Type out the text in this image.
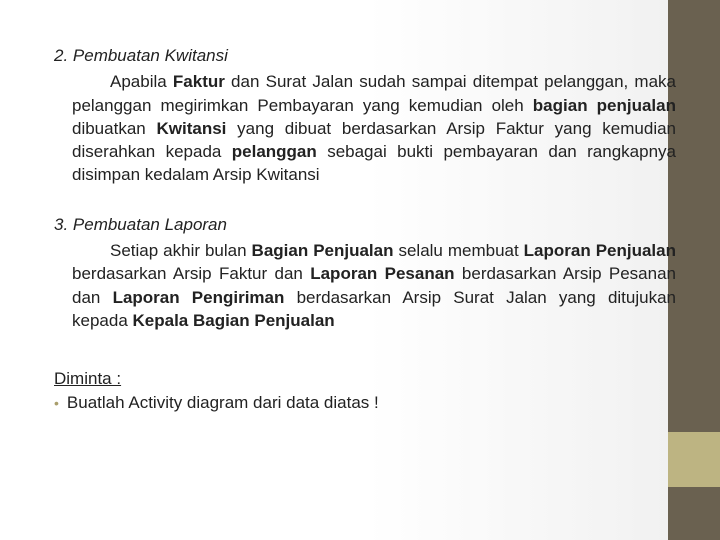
2. Pembuatan Kwitansi

Apabila Faktur dan Surat Jalan sudah sampai ditempat pelanggan, maka pelanggan megirimkan Pembayaran yang kemudian oleh bagian penjualan dibuatkan Kwitansi yang dibuat berdasarkan Arsip Faktur yang kemudian diserahkan kepada pelanggan sebagai bukti pembayaran dan rangkapnya disimpan kedalam Arsip Kwitansi

3. Pembuatan Laporan

Setiap akhir bulan Bagian Penjualan selalu membuat Laporan Penjualan berdasarkan Arsip Faktur dan Laporan Pesanan berdasarkan Arsip Pesanan dan Laporan Pengiriman berdasarkan Arsip Surat Jalan yang ditujukan kepada Kepala Bagian Penjualan

Diminta :

• Buatlah Activity diagram dari data diatas !
